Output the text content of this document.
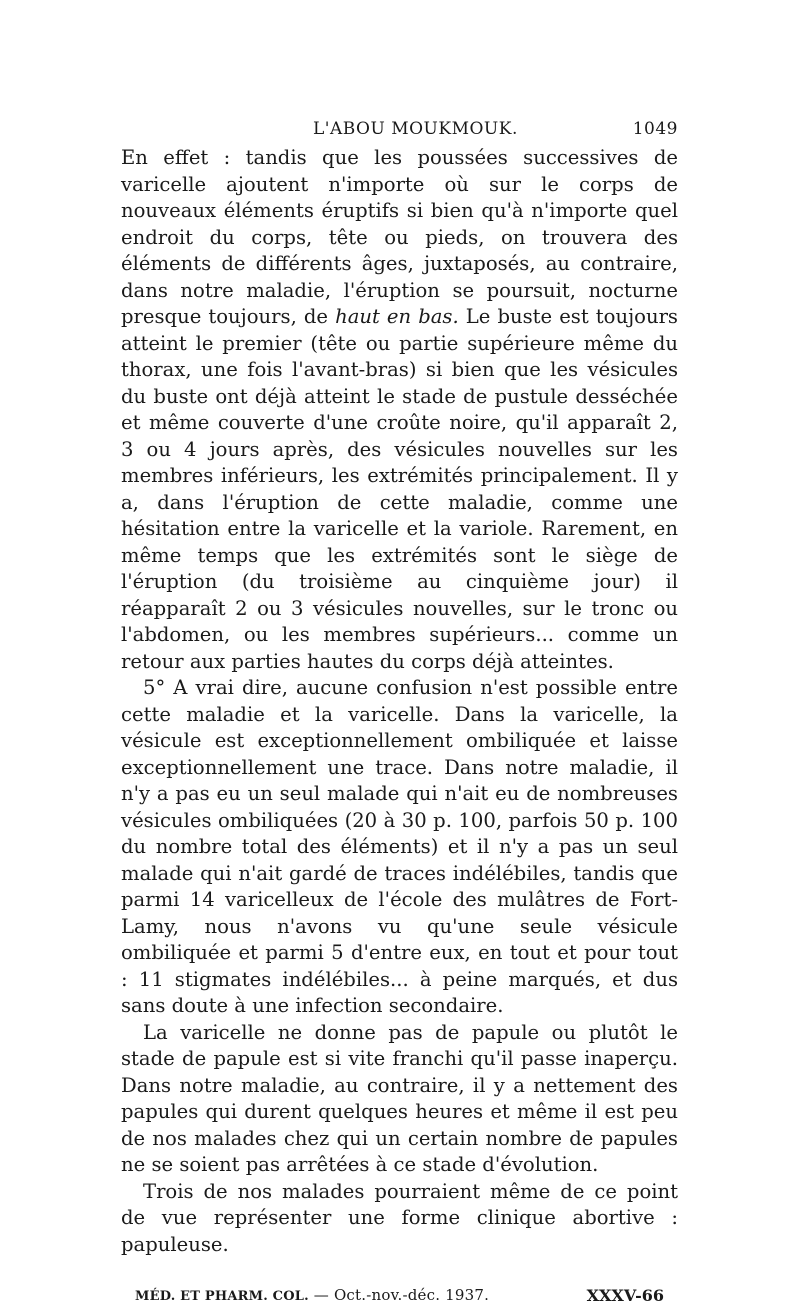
L'ABOU MOUKMOUK.	1049

En effet : tandis que les poussées successives de varicelle ajoutent n'importe où sur le corps de nouveaux éléments éruptifs si bien qu'à n'importe quel endroit du corps, tête ou pieds, on trouvera des éléments de différents âges, juxtaposés, au contraire, dans notre maladie, l'éruption se poursuit, nocturne presque toujours, de haut en bas. Le buste est toujours atteint le premier (tête ou partie supérieure même du thorax, une fois l'avant-bras) si bien que les vésicules du buste ont déjà atteint le stade de pustule desséchée et même couverte d'une croûte noire, qu'il apparaît 2, 3 ou 4 jours après, des vésicules nouvelles sur les membres inférieurs, les extrémités principalement. Il y a, dans l'éruption de cette maladie, comme une hésitation entre la varicelle et la variole. Rarement, en même temps que les extrémités sont le siège de l'éruption (du troisième au cinquième jour) il réapparaît 2 ou 3 vésicules nouvelles, sur le tronc ou l'abdomen, ou les membres supérieurs... comme un retour aux parties hautes du corps déjà atteintes.

5° A vrai dire, aucune confusion n'est possible entre cette maladie et la varicelle. Dans la varicelle, la vésicule est exceptionnellement ombiliquée et laisse exceptionnellement une trace. Dans notre maladie, il n'y a pas eu un seul malade qui n'ait eu de nombreuses vésicules ombiliquées (20 à 30 p. 100, parfois 50 p. 100 du nombre total des éléments) et il n'y a pas un seul malade qui n'ait gardé de traces indélébiles, tandis que parmi 14 varicelleux de l'école des mulâtres de Fort-Lamy, nous n'avons vu qu'une seule vésicule ombiliquée et parmi 5 d'entre eux, en tout et pour tout : 11 stigmates indélébiles... à peine marqués, et dus sans doute à une infection secondaire.

La varicelle ne donne pas de papule ou plutôt le stade de papule est si vite franchi qu'il passe inaperçu. Dans notre maladie, au contraire, il y a nettement des papules qui durent quelques heures et même il est peu de nos malades chez qui un certain nombre de papules ne se soient pas arrêtées à ce stade d'évolution.

Trois de nos malades pourraient même de ce point de vue représenter une forme clinique abortive : papuleuse.

MÉD. ET PHARM. COL. — Oct.-nov.-déc. 1937.	XXXV-66
